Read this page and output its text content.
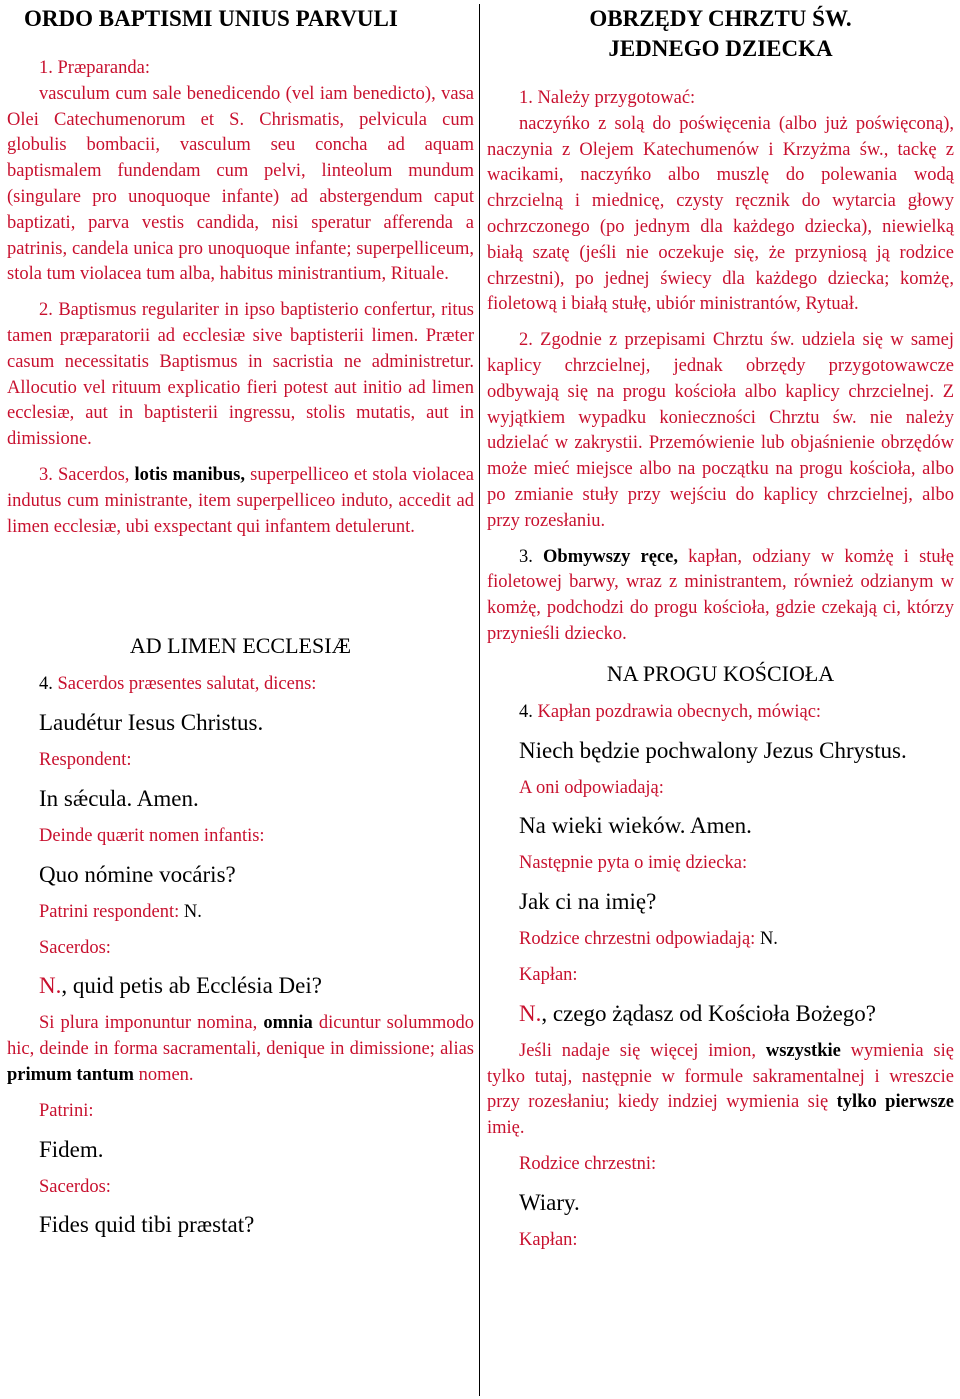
ORDO BAPTISMI UNIUS PARVULI

1. Præparanda:

vasculum cum sale benedicendo (vel iam benedicto), vasa Olei Catechumenorum et S. Chrismatis, pelvicula cum globulis bombacii, vasculum seu concha ad aquam baptismalem fundendam cum pelvi, linteolum mundum (singulare pro unoquoque infante) ad abstergendum caput baptizati, parva vestis candida, nisi speratur afferenda a patrinis, candela unica pro unoquoque infante; superpelliceum, stola tum violacea tum alba, habitus ministrantium, Rituale.

2. Baptismus regulariter in ipso baptisterio confertur, ritus tamen præparatorii ad ecclesiæ sive baptisterii limen. Præter casum necessitatis Baptismus in sacristia ne administretur. Allocutio vel rituum explicatio fieri potest aut initio ad limen ecclesiæ, aut in baptisterii ingressu, stolis mutatis, aut in dimissione.

3. Sacerdos, lotis manibus, superpelliceo et stola violacea indutus cum ministrante, item superpelliceo induto, accedit ad limen ecclesiæ, ubi exspectant qui infantem detulerunt.

AD LIMEN ECCLESIÆ

4. Sacerdos præsentes salutat, dicens:

Laudétur Iesus Christus.

Respondent:

In sǽcula. Amen.

Deinde quærit nomen infantis:

Quo nómine vocáris?

Patrini respondent: N.

Sacerdos:

N., quid petis ab Ecclésia Dei?

Si plura imponuntur nomina, omnia dicuntur solummodo hic, deinde in forma sacramentali, denique in dimissione; alias primum tantum nomen.

Patrini:

Fidem.

Sacerdos:

Fides quid tibi præstat?

OBRZĘDY CHRZTU ŚW.

JEDNEGO DZIECKA

1. Należy przygotować:

naczyńko z solą do poświęcenia (albo już poświęconą), naczynia z Olejem Katechumenów i Krzyżma św., tackę z wacikami, naczyńko albo muszlę do polewania wodą chrzcielną i miednicę, czysty ręcznik do wytarcia głowy ochrzczonego (po jednym dla każdego dziecka), niewielką białą szatę (jeśli nie oczekuje się, że przyniosą ją rodzice chrzestni), po jednej świecy dla każdego dziecka; komżę, fioletową i białą stułę, ubiór ministrantów, Rytuał.

2. Zgodnie z przepisami Chrztu św. udziela się w samej kaplicy chrzcielnej, jednak obrzędy przygotowawcze odbywają się na progu kościoła albo kaplicy chrzcielnej. Z wyjątkiem wypadku konieczności Chrztu św. nie należy udzielać w zakrystii. Przemówienie lub objaśnienie obrzędów może mieć miejsce albo na początku na progu kościoła, albo po zmianie stuły przy wejściu do kaplicy chrzcielnej, albo przy rozesłaniu.

3. Obmywszy ręce, kapłan, odziany w komżę i stułę fioletowej barwy, wraz z ministrantem, również odzianym w komżę, podchodzi do progu kościoła, gdzie czekają ci, którzy przynieśli dziecko.

NA PROGU KOŚCIOŁA

4. Kapłan pozdrawia obecnych, mówiąc:

Niech będzie pochwalony Jezus Chrystus.

A oni odpowiadają:

Na wieki wieków. Amen.

Następnie pyta o imię dziecka:

Jak ci na imię?

Rodzice chrzestni odpowiadają: N.

Kapłan:

N., czego żądasz od Kościoła Bożego?

Jeśli nadaje się więcej imion, wszystkie wymienia się tylko tutaj, następnie w formule sakramentalnej i wreszcie przy rozesłaniu; kiedy indziej wymienia się tylko pierwsze imię.

Rodzice chrzestni:

Wiary.

Kapłan:
